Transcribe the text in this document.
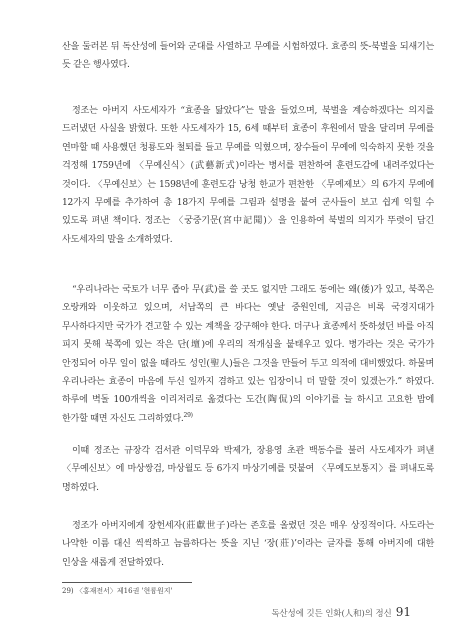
산을 둘러본 뒤 독산성에 들어와 군대를 사열하고 무예를 시험하였다. 효종의 뜻-북벌을 되새기는 듯 같은 행사였다.

정조는 아버지 사도세자가 “효종을 닮았다”는 말을 들었으며, 북벌을 계승하겠다는 의지를 드러냈던 사실을 밝혔다. 또한 사도세자가 15, 6세 때부터 효종이 후원에서 말을 달리며 무예를 연마할 때 사용했던 청룡도와 철퇴를 들고 무예를 익혔으며, 장수들이 무예에 익숙하지 못한 것을 걱정해 1759년에 〈무예신식〉(武藝新式)이라는 병서를 편찬하여 훈련도감에 내려주었다는 것이다. 〈무예신보〉는 1598년에 훈련도감 낭청 한교가 편찬한 〈무예제보〉의 6가지 무예에 12가지 무예를 추가하여 총 18가지 무예를 그림과 설명을 붙여 군사들이 보고 쉽게 익힐 수 있도록 펴낸 책이다. 정조는 〈궁중기문(宮中記聞)〉을 인용하여 북벌의 의지가 뚜렷이 담긴 사도세자의 말을 소개하였다.

“우리나라는 국토가 너무 좁아 무(武)를 쓸 곳도 없지만 그래도 동에는 왜(倭)가 있고, 북쪽은 오랑캐와 이웃하고 있으며, 서남쪽의 큰 바다는 옛날 중원인데, 지금은 비록 국경지대가 무사하다지만 국가가 견고할 수 있는 계책을 강구해야 한다. 더구나 효종께서 뜻하셨던 바를 아직 피지 못해 북쪽에 있는 작은 단(壇)에 우리의 적개심을 붙태우고 있다. 병가라는 것은 국가가 안정되어 아무 일이 없을 때라도 성인(聖人)들은 그것을 만들어 두고 의적에 대비했었다. 하물며 우리나라는 효종이 마음에 두신 일까지 겸하고 있는 입장이니 더 말할 것이 있겠는가.” 하였다. 하루에 벽돌 100개씩을 이리저리로 옮겼다는 도간(陶侃)의 이야기를 늘 하시고 고요한 밤에 한가할 때면 자신도 그리하였다.$^{29)}$

이때 정조는 규장각 검서관 이덕무와 박제가, 장용영 초관 백동수를 불러 사도세자가 펴낸 〈무예신보〉에 마상쌍검, 마상월도 등 6가지 마상기예를 덧붙여 〈무예도보통지〉를 펴내도록 명하였다.

정조가 아버지에게 장헌세자(莊獻世子)라는 존호를 올렸던 것은 매우 상징적이다. 사도라는 나약한 이름 대신 씩씩하고 늠름하다는 뜻을 지닌 ‘장(莊)’이라는 글자를 통해 아버지에 대한 인상을 새롭게 전달하였다.

29) 〈홍재전서〉제16권 '현륭원지'
독산성에 깃든 인화(人和)의 정신 91
